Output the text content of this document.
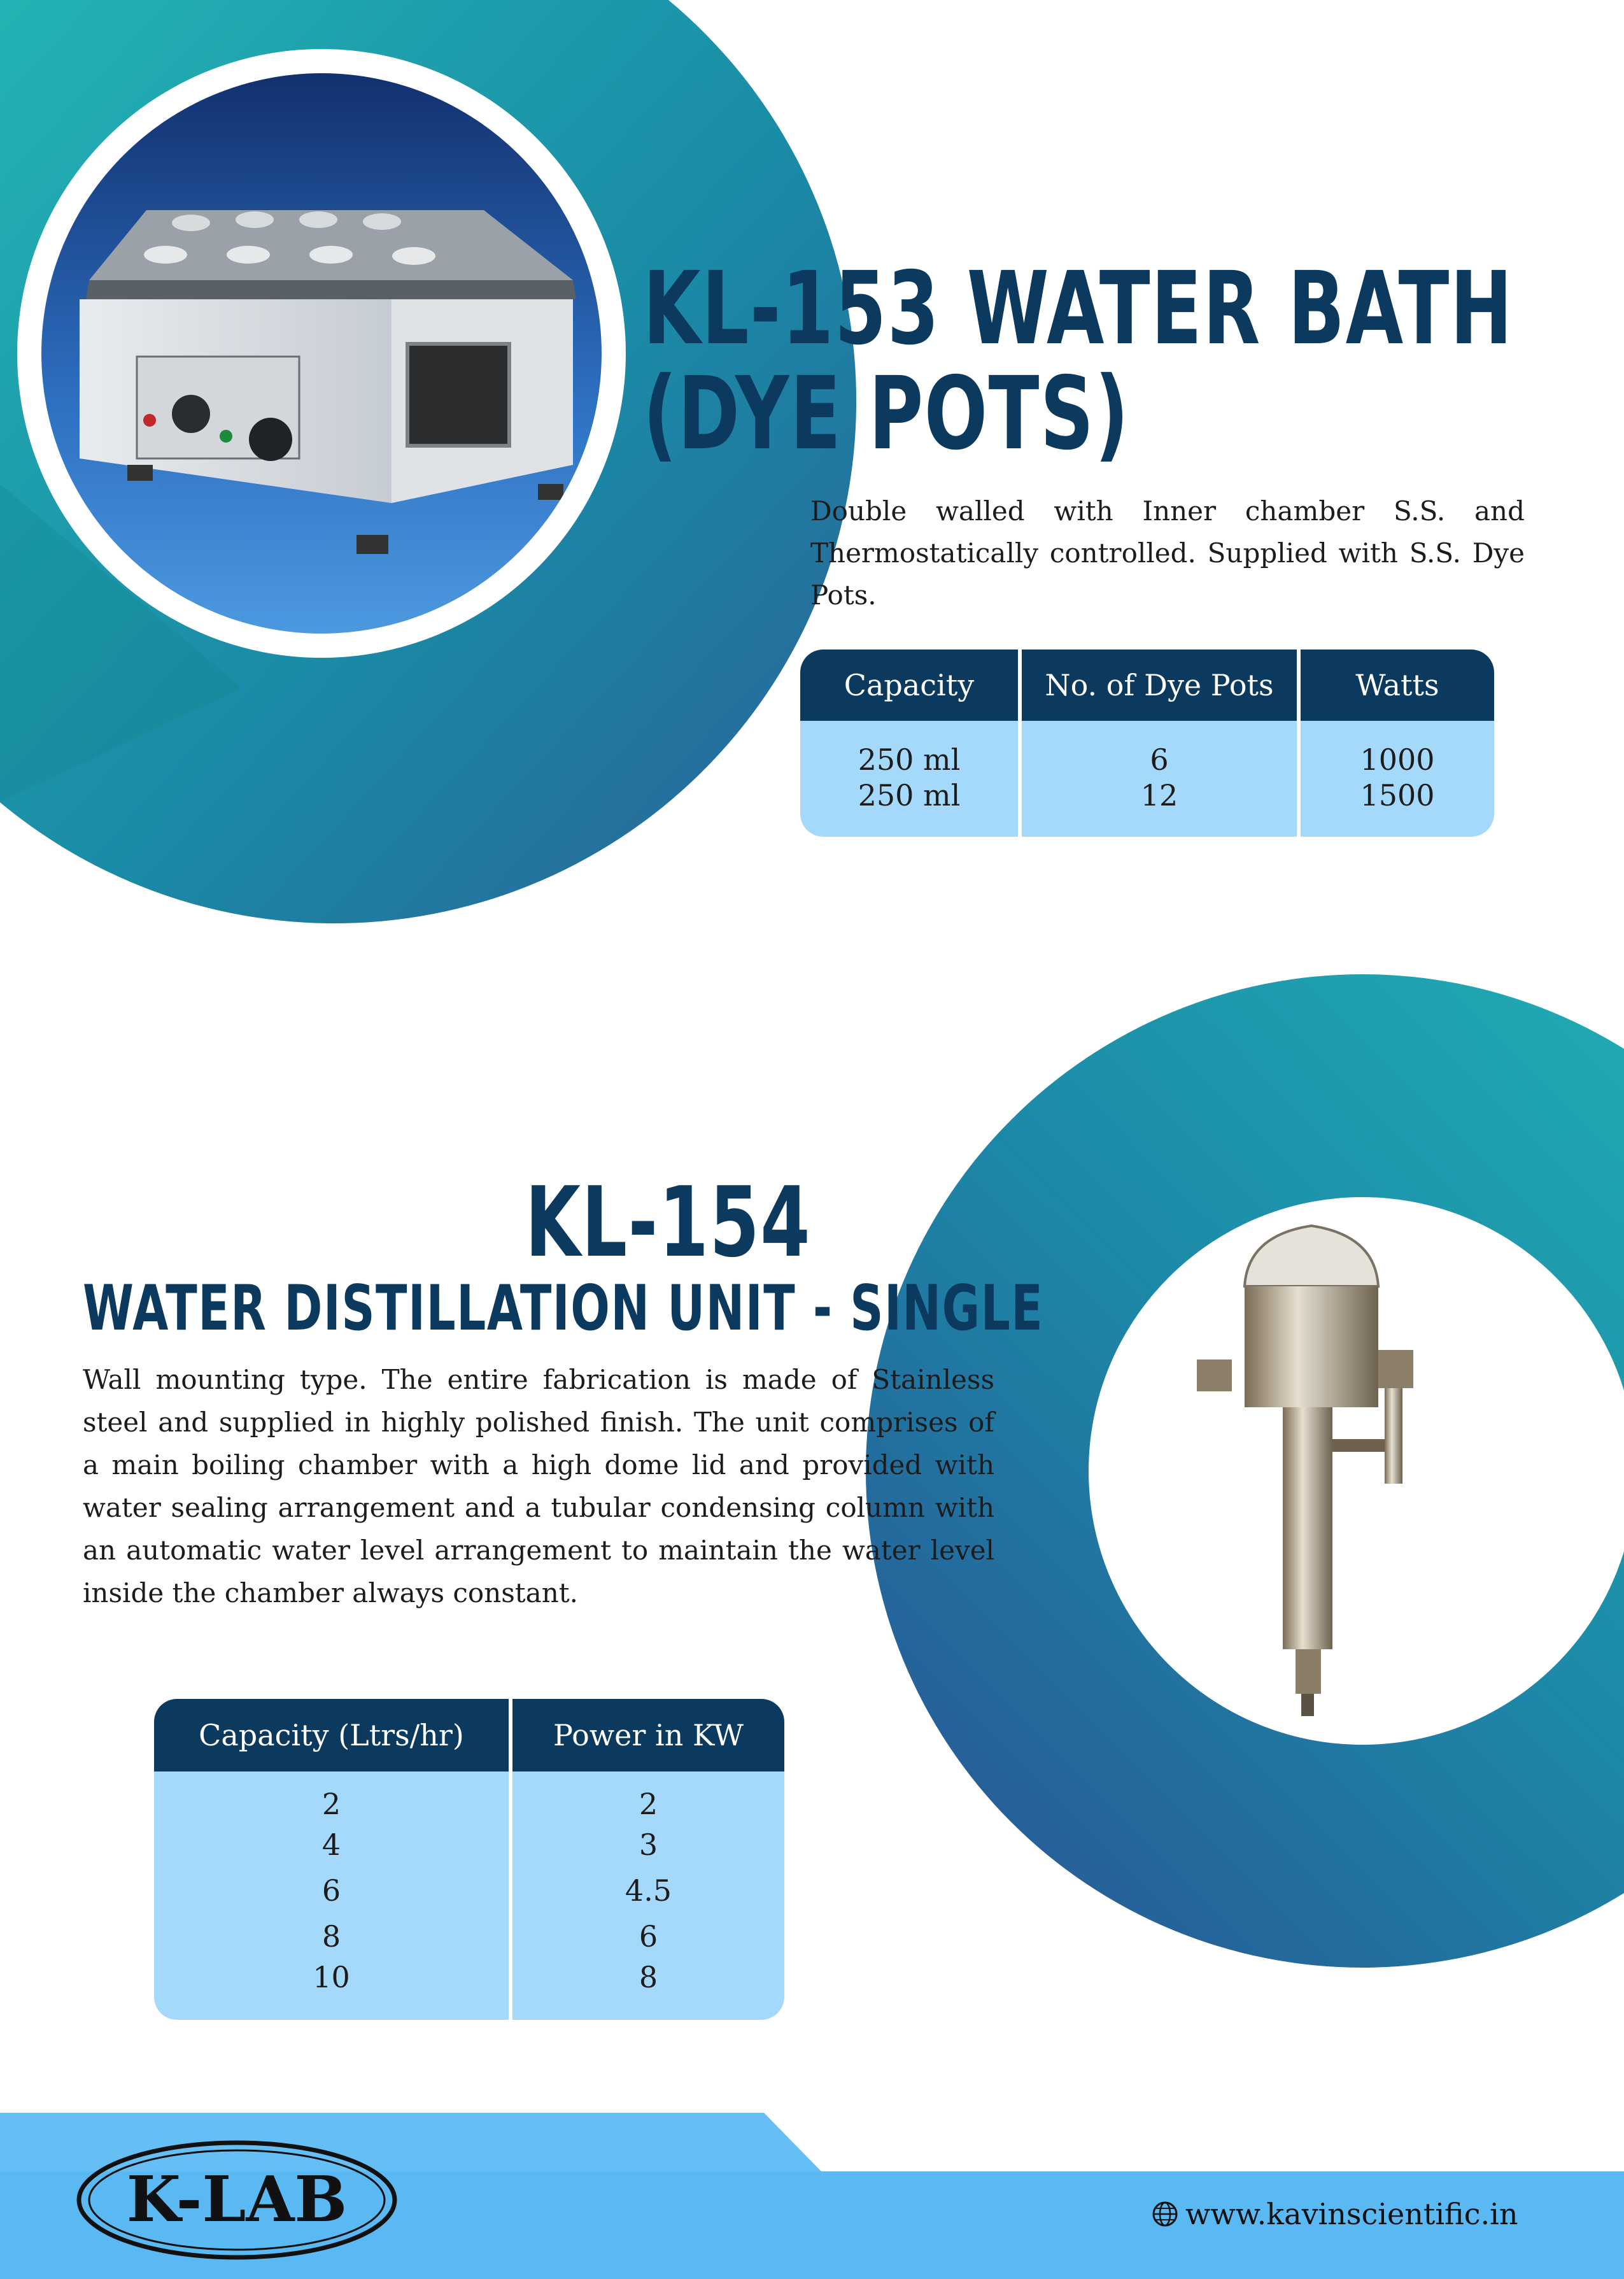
KL-153 WATER BATH
(DYE POTS)

Double walled with Inner chamber S.S. and Thermostatically controlled. Supplied with S.S. Dye Pots.

Capacity	No. of Dye Pots	Watts
250 ml	6	1000
250 ml	12	1500
KL-154
WATER DISTILLATION UNIT - SINGLE

Wall mounting type. The entire fabrication is made of Stainless steel and supplied in highly polished finish. The unit comprises of a main boiling chamber with a high dome lid and provided with water sealing arrangement and a tubular condensing column with an automatic water level arrangement to maintain the water level inside the chamber always constant.

Capacity (Ltrs/hr)	Power in KW
2	2
4	3
6	4.5
8	6
10	8
K-LAB	www.kavinscientific.in
